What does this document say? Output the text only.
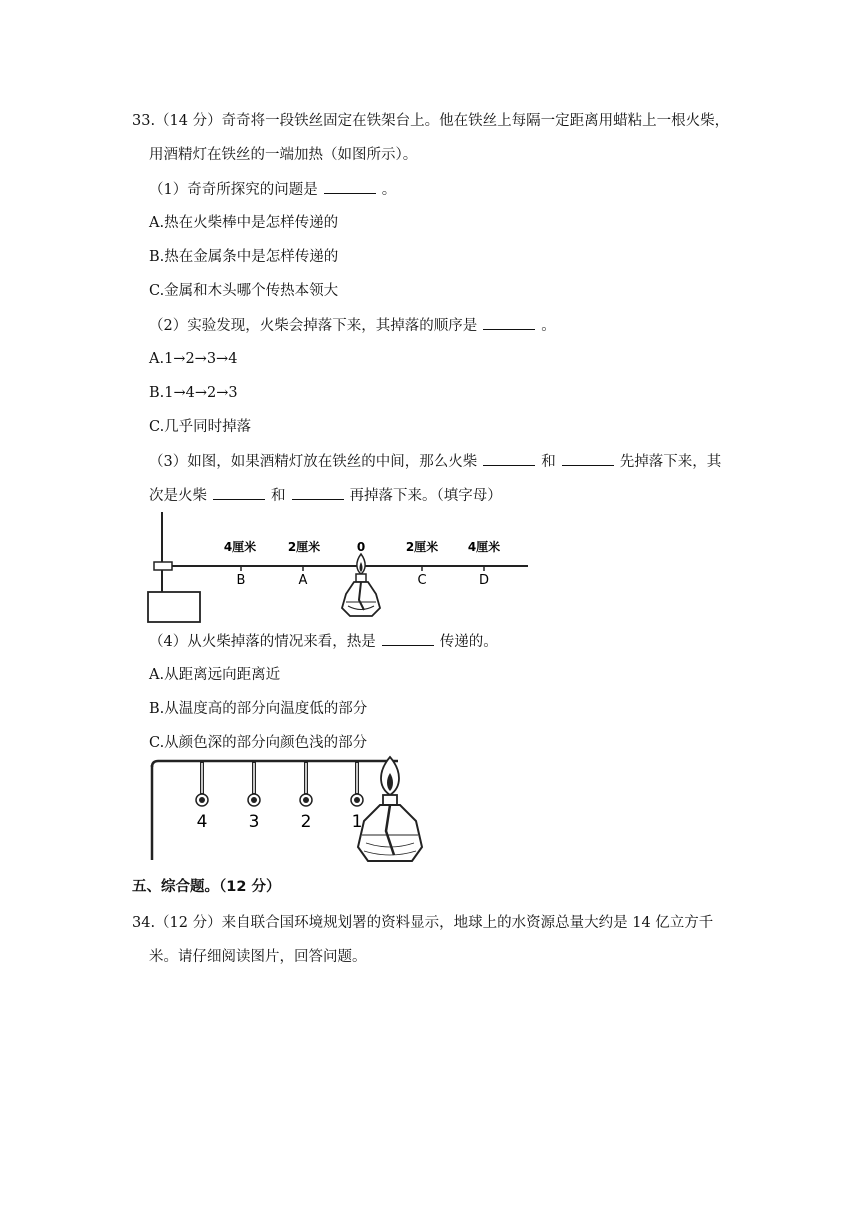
33.（14 分）奇奇将一段铁丝固定在铁架台上。他在铁丝上每隔一定距离用蜡粘上一根火柴，
用酒精灯在铁丝的一端加热（如图所示）。
（1）奇奇所探究的问题是	。
A.热在火柴棒中是怎样传递的
B.热在金属条中是怎样传递的
C.金属和木头哪个传热本领大
（2）实验发现，火柴会掉落下来，其掉落的顺序是	。
A.1→2→3→4
B.1→4→2→3
C.几乎同时掉落
（3）如图，如果酒精灯放在铁丝的中间，那么火柴	和	先掉落下来，其
次是火柴	和	再掉落下来。（填字母）
4厘米	2厘米	0	2厘米 4厘米
B	A	C	D
（4）从火柴掉落的情况来看，热是	传递的。
A.从距离远向距离近
B.从温度高的部分向温度低的部分
C.从颜色深的部分向颜色浅的部分
4 3 2 1
五、综合题。（12 分）
34.（12 分）来自联合国环境规划署的资料显示，地球上的水资源总量大约是 14 亿立方千
米。请仔细阅读图片，回答问题。
